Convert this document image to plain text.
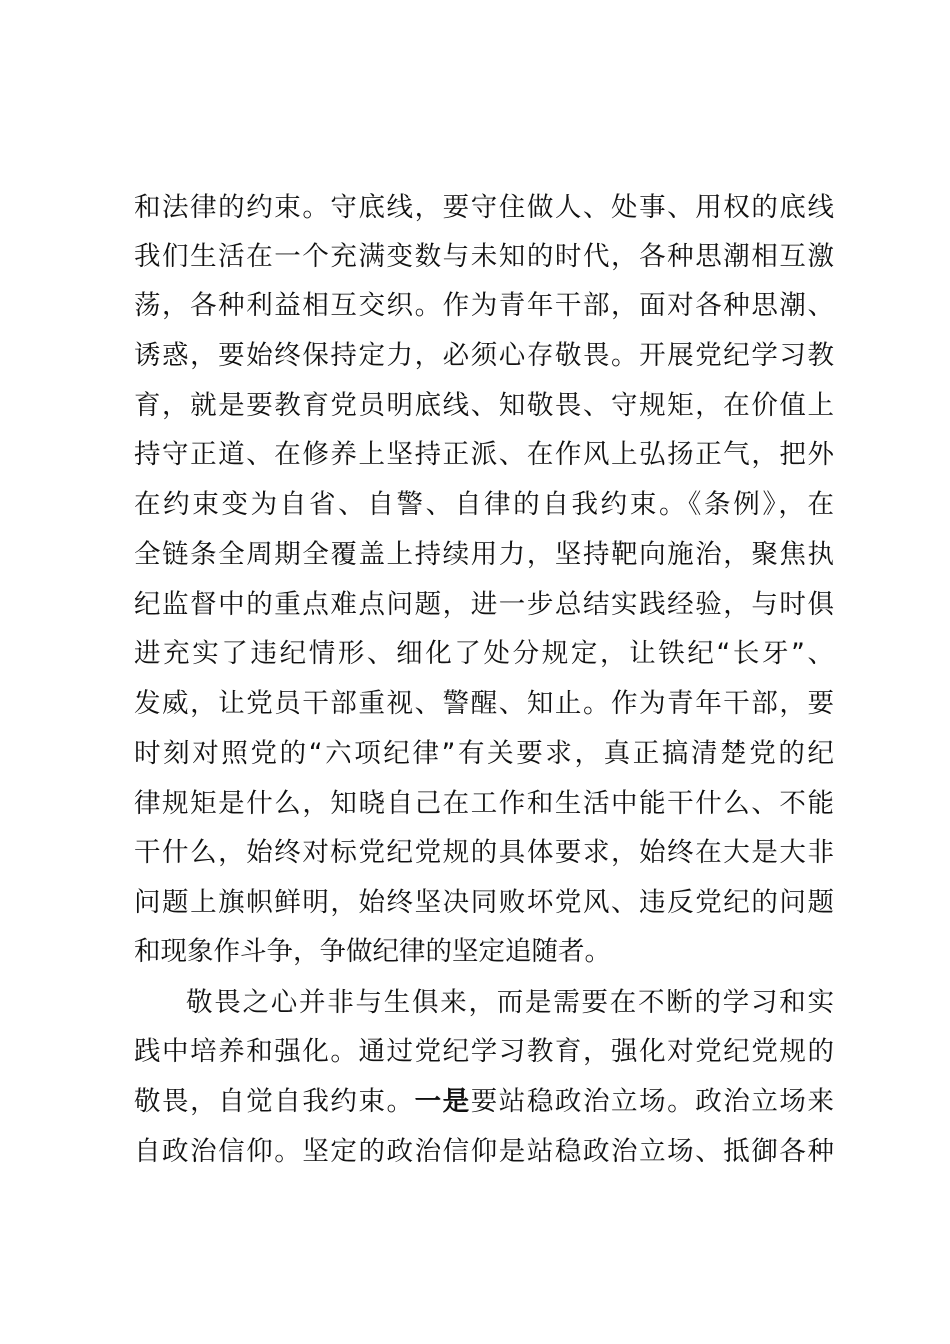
和法律的约束。守底线，要守住做人、处事、用权的底线
我们生活在一个充满变数与未知的时代，各种思潮相互激
荡，各种利益相互交织。作为青年干部，面对各种思潮、
诱惑，要始终保持定力，必须心存敬畏。开展党纪学习教
育，就是要教育党员明底线、知敬畏、守规矩，在价值上
持守正道、在修养上坚持正派、在作风上弘扬正气，把外
在约束变为自省、自警、自律的自我约束。《条例》，在
全链条全周期全覆盖上持续用力，坚持靶向施治，聚焦执
纪监督中的重点难点问题，进一步总结实践经验，与时俱
进充实了违纪情形、细化了处分规定，让铁纪“长牙”、
发威，让党员干部重视、警醒、知止。作为青年干部，要
时刻对照党的“六项纪律”有关要求，真正搞清楚党的纪
律规矩是什么，知晓自己在工作和生活中能干什么、不能
干什么，始终对标党纪党规的具体要求，始终在大是大非
问题上旗帜鲜明，始终坚决同败坏党风、违反党纪的问题
和现象作斗争，争做纪律的坚定追随者。
敬畏之心并非与生俱来，而是需要在不断的学习和实
践中培养和强化。通过党纪学习教育，强化对党纪党规的
敬畏，自觉自我约束。一是要站稳政治立场。政治立场来
自政治信仰。坚定的政治信仰是站稳政治立场、抵御各种
